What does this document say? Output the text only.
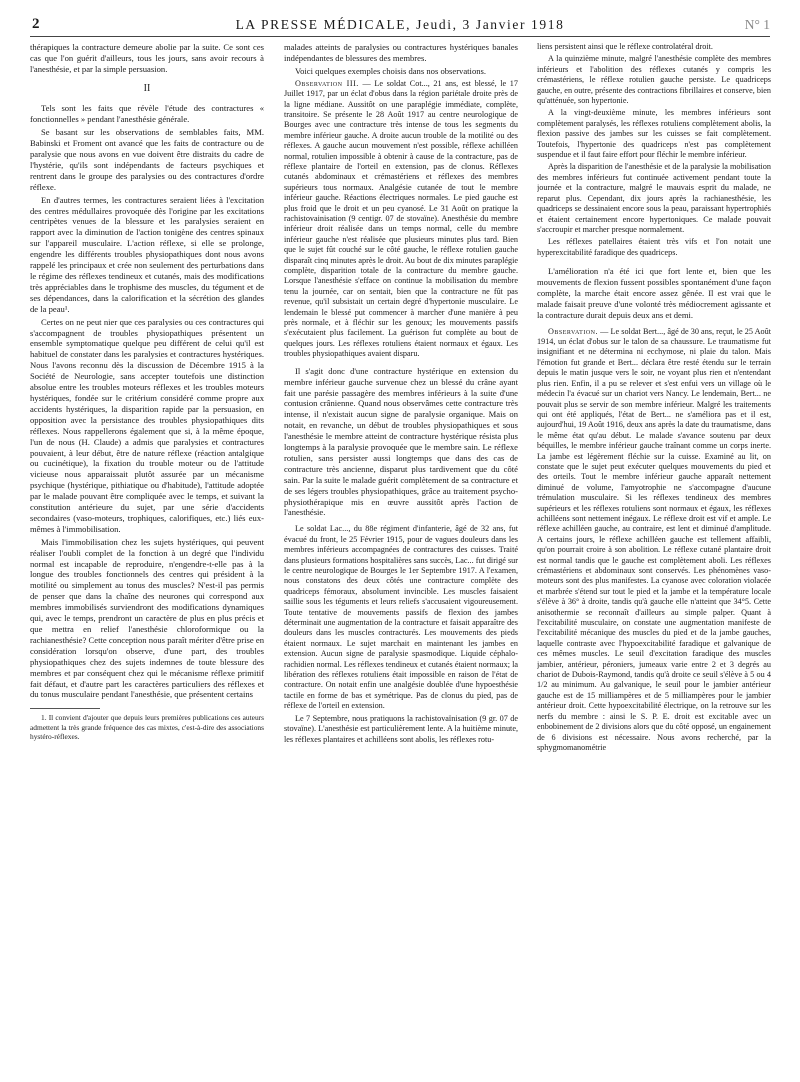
2	LA PRESSE MÉDICALE, Jeudi, 3 Janvier 1918	N° 1

thérapiques la contracture demeure abolie par la suite. Ce sont ces cas que l'on guérit d'ailleurs, tous les jours, sans avoir recours à l'anesthésie, et par la simple persuasion.

II

Tels sont les faits que révèle l'étude des contractures « fonctionnelles » pendant l'anesthésie générale.

Se basant sur les observations de semblables faits, MM. Babinski et Froment ont avancé que les faits de contracture ou de paralysie que nous avons en vue doivent être distraits du cadre de l'hystérie, qu'ils sont indépendants de facteurs psychiques et rentrent dans le groupe des paralysies ou des contractures d'ordre réflexe.

En d'autres termes, les contractures seraient liées à l'excitation des centres médullaires provoquée dès l'origine par les excitations centripètes venues de la blessure et les paralysies seraient en rapport avec la diminution de l'action tonigène des centres spinaux sur l'appareil musculaire. L'action réflexe, si elle se prolonge, engendre les différents troubles physiopathiques dont nous avons rappelé les principaux et crée non seulement des perturbations dans le régime des réflexes tendineux et cutanés, mais des modifications très appréciables dans le trophisme des muscles, du tégument et de ses dépendances, dans la calorification et la sécrétion des glandes de la peau¹.

Certes on ne peut nier que ces paralysies ou ces contractures qui s'accompagnent de troubles physiopathiques présentent un ensemble symptomatique quelque peu différent de celui qu'il est habituel de constater dans les paralysies et contractures hystériques. Nous l'avons reconnu dès la discussion de Décembre 1915 à la Société de Neurologie, sans accepter toutefois une distinction absolue entre les troubles moteurs réflexes et les troubles moteurs hystériques, fondée sur le critérium considéré comme propre aux accidents hystériques, la disparition rapide par la persuasion, en opposition avec la persistance des troubles physiopathiques dits réflexes. Nous rappellerons également que si, à la même époque, l'un de nous (H. Claude) a admis que paralysies et contractures pouvaient, à leur début, être de nature réflexe (réaction antalgique ou cucinétique), la fixation du trouble moteur ou de l'attitude vicieuse nous apparaissait plutôt assurée par un mécanisme psychique (hystérique, pithiatique ou d'habitude), l'attitude adoptée par le malade pouvant être compliquée avec le temps, et suivant la constitution antérieure du sujet, par une série d'accidents secondaires (vaso-moteurs, trophiques, calorifiques, etc.) liés eux-mêmes à l'immobilisation.

Mais l'immobilisation chez les sujets hystériques, qui peuvent réaliser l'oubli complet de la fonction à un degré que l'individu normal est incapable de reproduire, n'engendre-t-elle pas à la longue des troubles fonctionnels des centres qui président à la motilité ou simplement au tonus des muscles? N'est-il pas permis de penser que dans la chaîne des neurones qui correspond aux membres immobilisés surviendront des modifications dynamiques qui, avec le temps, prendront un caractère de plus en plus précis et que mettra en relief l'anesthésie chloroformique ou la rachianesthésie? Cette conception nous paraît mériter d'être prise en considération lorsqu'on observe, d'une part, des troubles physiopathiques chez des sujets indemnes de toute blessure des membres et par conséquent chez qui le mécanisme réflexe primitif fait défaut, et d'autre part les caractères particuliers des réflexes et du tonus musculaire pendant l'anesthésie, que présentent certains

1. Il convient d'ajouter que depuis leurs premières publications ces auteurs admettent la très grande fréquence des cas mixtes, c'est-à-dire des associations hystéro-réflexes.

malades atteints de paralysies ou contractures hystériques banales indépendantes de blessures des membres.

Voici quelques exemples choisis dans nos observations.

Observation III. — Le soldat Cot..., 21 ans, est blessé, le 17 Juillet 1917, par un éclat d'obus dans la région pariétale droite près de la ligne médiane. Aussitôt on une paraplégie immédiate, complète, transitoire. Se présente le 28 Août 1917 au centre neurologique de Bourges avec une contracture très intense de tous les segments du membre inférieur gauche. A droite aucun trouble de la motilité ou des réflexes. A gauche aucun mouvement n'est possible, réflexe achilléen normal, rotulien impossible à obtenir à cause de la contracture, pas de réflexe plantaire de l'orteil en extension, pas de clonus. Réflexes cutanés abdominaux et crémastériens et réflexes des membres supérieurs tous normaux. Analgésie cutanée de tout le membre inférieur gauche. Réactions électriques normales. Le pied gauche est plus froid que le droit et un peu cyanosé. Le 31 Août on pratique la rachistovainisation (9 centigr. 07 de stovaïne). Anesthésie du membre inférieur droit réalisée dans un temps normal, celle du membre inférieur gauche n'est réalisée que plusieurs minutes plus tard. Bien que le sujet fût couché sur le côté gauche, le réflexe rotulien gauche disparaît cinq minutes après le droit. Au bout de dix minutes paraplégie complète, disparition totale de la contracture du membre gauche. Lorsque l'anesthésie s'efface on continue la mobilisation du membre tenu la journée, car on sentait, bien que la contracture ne fût pas revenue, qu'il subsistait un certain degré d'hypertonie musculaire. Le lendemain le blessé put commencer à marcher d'une manière à peu près normale, et à fléchir sur les genoux; les mouvements passifs s'exécutaient plus facilement. La guérison fut complète au bout de quelques jours. Les réflexes rotuliens étaient normaux et égaux. Les troubles physiopathiques avaient disparu.

Il s'agit donc d'une contracture hystérique en extension du membre inférieur gauche survenue chez un blessé du crâne ayant fait une parésie passagère des membres inférieurs à la suite d'une contusion crânienne. Quand nous observâmes cette contracture très intense, il n'existait aucun signe de paralysie organique. Mais on notait, en revanche, un début de troubles physiopathiques et sous l'anesthésie le membre atteint de contracture hystérique résista plus longtemps à la paralysie provoquée que le membre sain. Le réflexe rotulien, sans persister aussi longtemps que dans des cas de contracture très ancienne, disparut plus tardivement que du côté sain. Par la suite le malade guérit complètement de sa contracture et de ses légers troubles physiopathiques, grâce au traitement psycho-physiothérapique mis en œuvre aussitôt après l'action de l'anesthésie.

Le soldat Lac..., du 88e régiment d'infanterie, âgé de 32 ans, fut évacué du front, le 25 Février 1915, pour de vagues douleurs dans les membres inférieurs accompagnées de contractures des cuisses. Traité dans plusieurs formations hospitalières sans succès, Lac... fut dirigé sur le centre neurologique de Bourges le 1er Septembre 1917. A l'examen, nous constatons des deux côtés une contracture complète des quadriceps fémoraux, absolument invincible. Les muscles faisaient saillie sous les téguments et leurs reliefs s'accusaient vigoureusement. Toute tentative de mouvements passifs de flexion des jambes déterminait une augmentation de la contracture et faisait apparaître des douleurs dans les muscles contracturés. Les mouvements des pieds étaient normaux. Le sujet marchait en maintenant les jambes en extension. Aucun signe de paralysie spasmodique. Liquide céphalo-rachidien normal. Les réflexes tendineux et cutanés étaient normaux; la libération des réflexes rotuliens était impossible en raison de l'état de contracture. On notait enfin une analgésie doublée d'une hypoesthésie tactile en forme de bas et symétrique. Pas de clonus du pied, pas de réflexe de l'orteil en extension.

Le 7 Septembre, nous pratiquons la rachistovaïnisation (9 gr. 07 de stovaïne). L'anesthésie est particulièrement lente. A la huitième minute, les réflexes plantaires et achilléens sont abolis, les réflexes rotu-

liens persistent ainsi que le réflexe controlatéral droit.

A la quinzième minute, malgré l'anesthésie complète des membres inférieurs et l'abolition des réflexes cutanés y compris les crémastériens, le réflexe rotulien gauche persiste. Le quadriceps gauche, en outre, présente des contractions fibrillaires et conserve, bien qu'atténuée, son hypertonie.

A la vingt-deuxième minute, les membres inférieurs sont complètement paralysés, les réflexes rotuliens complètement abolis, la flexion passive des jambes sur les cuisses se fait complètement. Toutefois, l'hypertonie des quadriceps n'est pas complètement suspendue et il faut faire effort pour fléchir le membre inférieur.

Après la disparition de l'anesthésie et de la paralysie la mobilisation des membres inférieurs fut continuée activement pendant toute la journée et la contracture, malgré le mauvais esprit du malade, ne reparut plus. Cependant, dix jours après la rachianesthésie, les quadriceps se dessinaient encore sous la peau, paraissant hypertrophiés et étaient certainement encore hypertoniques. Ce malade pouvait s'accroupir et marcher presque normalement.

Les réflexes patellaires étaient très vifs et l'on notait une hyperexcitabilité faradique des quadriceps.

L'amélioration n'a été ici que fort lente et, bien que les mouvements de flexion fussent possibles spontanément d'une façon complète, la marche était encore assez gênée. Il est vrai que le malade faisait preuve d'une volonté très médiocrement agissante et la contracture durait depuis deux ans et demi.

Observation. — Le soldat Bert..., âgé de 30 ans, reçut, le 25 Août 1914, un éclat d'obus sur le talon de sa chaussure. Le traumatisme fut insignifiant et ne détermina ni ecchymose, ni plaie du talon. Mais l'émotion fut grande et Bert... déclara être resté étendu sur le terrain depuis le matin jusque vers le soir, ne voyant plus rien et n'entendant plus rien. Enfin, il a pu se relever et s'est enfui vers un village où le médecin l'a évacué sur un chariot vers Nancy. Le lendemain, Bert... ne pouvait plus se servir de son membre inférieur. Malgré les traitements qui ont été appliqués, l'état de Bert... ne s'améliora pas et il est, aujourd'hui, 19 Août 1916, deux ans après la date du traumatisme, dans le même état qu'au début. Le malade s'avance soutenu par deux béquilles, le membre inférieur gauche traînant comme un corps inerte. La jambe est légèrement fléchie sur la cuisse. Examiné au lit, on constate que le sujet peut exécuter quelques mouvements du pied et des orteils. Tout le membre inférieur gauche apparaît nettement diminué de volume, l'amyotrophie ne s'accompagne d'aucune trémulation musculaire. Si les réflexes tendineux des membres supérieurs et les réflexes rotuliens sont normaux et égaux, les réflexes achilléens sont nettement inégaux. Le réflexe droit est vif et ample. Le réflexe achilléen gauche, au contraire, est lent et diminué d'amplitude. A certains jours, le réflexe achilléen gauche est tellement affaibli, qu'on pourrait croire à son abolition. Le réflexe cutané plantaire droit est normal tandis que le gauche est complètement aboli. Les réflexes crémastériens et abdominaux sont conservés. Les phénomènes vaso-moteurs sont des plus manifestes. La cyanose avec coloration violacée et marbrée s'étend sur tout le pied et la jambe et la température locale s'élève à 36° à droite, tandis qu'à gauche elle n'atteint que 34°5. Cette anisothermie se reconnaît d'ailleurs au simple palper. Quant à l'excitabilité musculaire, on constate une augmentation manifeste de l'excitabilité mécanique des muscles du pied et de la jambe gauches, laquelle contraste avec l'hypoexcitabilité faradique et galvanique de ces mêmes muscles. Le seuil d'excitation faradique des muscles jambier, antérieur, péroniers, jumeaux varie entre 2 et 3 degrés au chariot de Dubois-Raymond, tandis qu'à droite ce seuil s'élève à 5 ou 4 1/2 au minimum. Au galvanique, le seuil pour le jambier antérieur gauche est de 15 milliampères et de 5 milliampères pour le jambier antérieur droit. Cette hypoexcitabilité électrique, on la retrouve sur les nerfs du membre : ainsi le S. P. E. droit est excitable avec un enbobinement de 2 divisions alors que du côté opposé, un engainement de 6 divisions est nécessaire. Nous avons recherché, par la sphygmomanométrie
